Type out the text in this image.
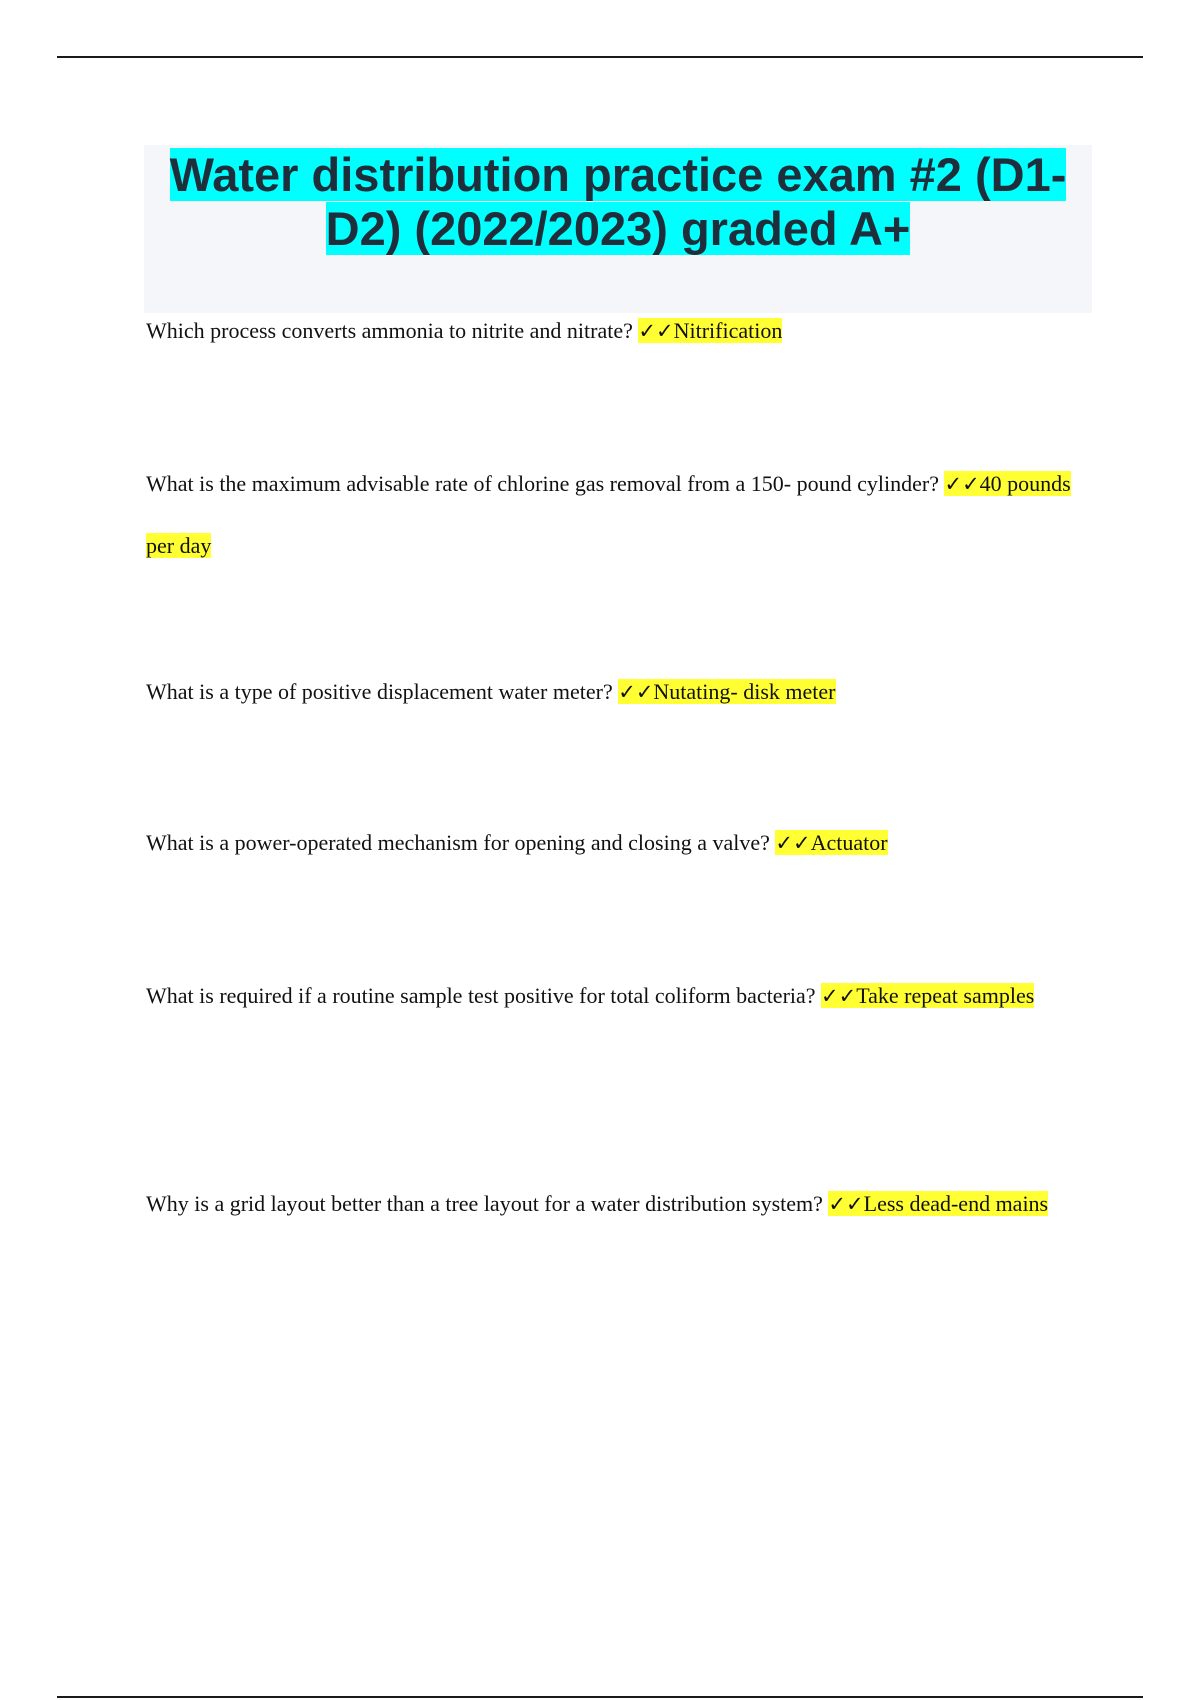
Water distribution practice exam #2 (D1-D2) (2022/2023) graded A+

Which process converts ammonia to nitrite and nitrate? ✓✓Nitrification

What is the maximum advisable rate of chlorine gas removal from a 150- pound cylinder? ✓✓40 pounds per day

What is a type of positive displacement water meter? ✓✓Nutating- disk meter

What is a power-operated mechanism for opening and closing a valve? ✓✓Actuator

What is required if a routine sample test positive for total coliform bacteria? ✓✓Take repeat samples

Why is a grid layout better than a tree layout for a water distribution system? ✓✓Less dead-end mains
